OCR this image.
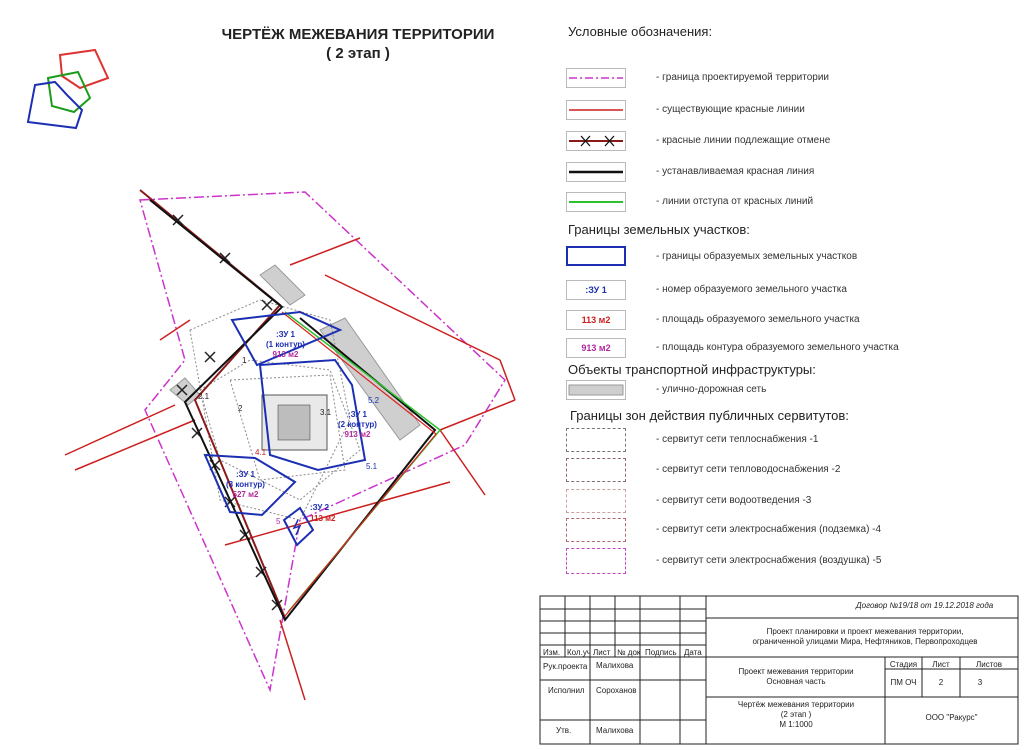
:ЗУ 1
(1 контур)
913 м2
:ЗУ 1
(2 контур)
913 м2
:ЗУ 1
(3 контур)
527 м2
:ЗУ 2
113 м2
1
2
2.1
3.1
4.1
5.1
5.2
5
ЧЕРТЁЖ МЕЖЕВАНИЯ ТЕРРИТОРИИ
( 2 этап )
Условные обозначения:
- граница проектируемой территории
- существующие красные линии
- красные линии подлежащие отмене
- устанавливаемая красная линия
- линии отступа от красных линий
Границы земельных участков:
- границы образуемых земельных участков
:ЗУ 1	- номер образуемого земельного участка
113 м2	- площадь образуемого земельного участка
913 м2	- площадь контура образуемого земельного участка
Объекты транспортной инфраструктуры:
- улично-дорожная сеть
Границы зон действия публичных сервитутов:
- сервитут сети теплоснабжения -1
- сервитут сети тепловодоснабжения -2
- сервитут сети водоотведения -3
- сервитут сети электроснабжения (подземка) -4
- сервитут сети электроснабжения (воздушка) -5
Договор №19/18 от 19.12.2018 года
Проект планировки и проект межевания территории, ограниченной улицами Мира, Нефтяников, Первопроходцев
Изм. Кол.уч Лист № док Подпись Дата
Рук.проекта Малихова
Исполнил Сороханов
Утв.	Малихова
Проект межевания территории
Основная часть
Стадия	Лист	Листов
ПМ ОЧ	2	3
Чертёж межевания территории
(2 этап )
М 1:1000
ООО "Ракурс"
